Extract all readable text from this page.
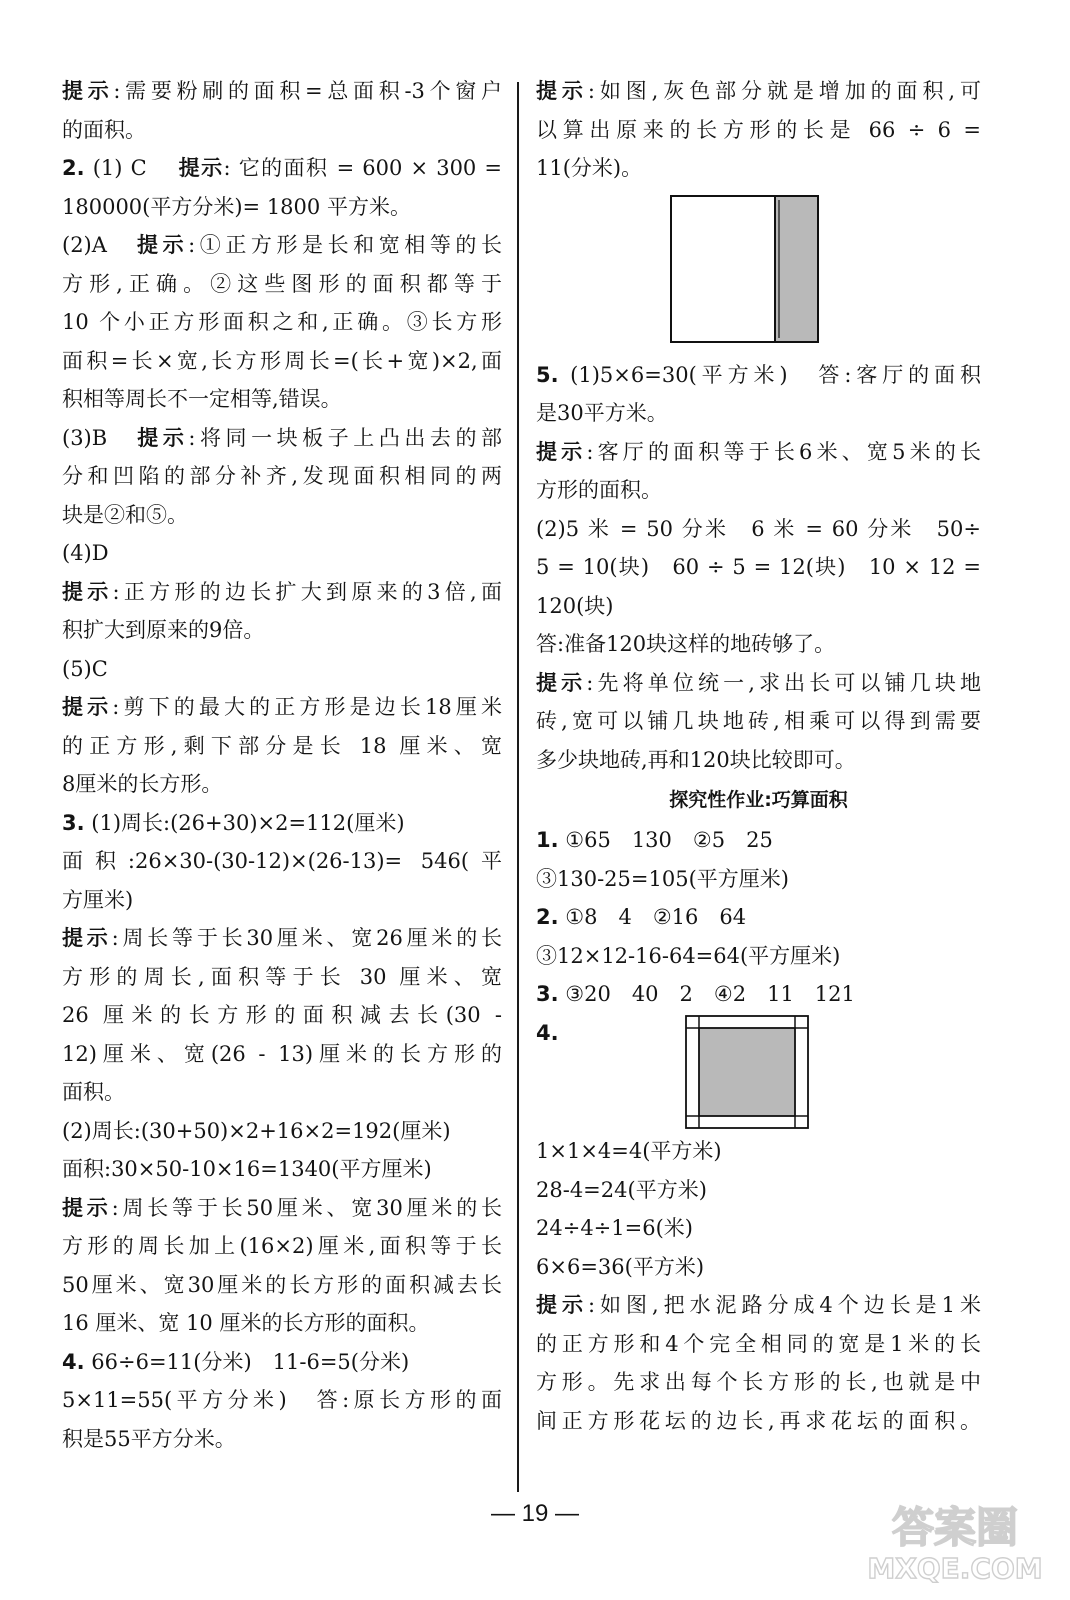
提示:需要粉刷的面积=总面积-3个窗户
的面积。
2. (1) C　 提示: 它的面积 = 600 × 300 =
180000(平方分米)= 1800 平方米。
(2)A　提示:①正方形是长和宽相等的长
方形,正确。②这些图形的面积都等于
10 个小正方形面积之和,正确。③长方形
面积=长×宽,长方形周长=(长+宽)×2,面
积相等周长不一定相等,错误。
(3)B　提示:将同一块板子上凸出去的部
分和凹陷的部分补齐,发现面积相同的两
块是②和⑤。
(4)D
提示:正方形的边长扩大到原来的3倍,面
积扩大到原来的9倍。
(5)C
提示:剪下的最大的正方形是边长18厘米
的正方形,剩下部分是长 18 厘米、宽
8厘米的长方形。
3. (1)周长:(26+30)×2=112(厘米)
面积:26×30-(30-12)×(26-13)= 546(平
方厘米)
提示:周长等于长30厘米、宽26厘米的长
方形的周长,面积等于长 30 厘米、宽
26 厘米的长方形的面积减去长(30 -
12)厘米、宽(26 - 13)厘米的长方形的
面积。
(2)周长:(30+50)×2+16×2=192(厘米)
面积:30×50-10×16=1340(平方厘米)
提示:周长等于长50厘米、宽30厘米的长
方形的周长加上(16×2)厘米,面积等于长
50厘米、宽30厘米的长方形的面积减去长
16 厘米、宽 10 厘米的长方形的面积。
4. 66÷6=11(分米)　11-6=5(分米)
5×11=55(平方分米)　答:原长方形的面
积是55平方分米。
提示:如图,灰色部分就是增加的面积,可
以算出原来的长方形的长是 66 ÷ 6 =
11(分米)。
5. (1)5×6=30(平方米)　答:客厅的面积
是30平方米。
提示:客厅的面积等于长6米、宽5米的长
方形的面积。
(2)5 米 = 50 分米　6 米 = 60 分米　50÷
5 = 10(块)　60 ÷ 5 = 12(块)　10 × 12 =
120(块)
答:准备120块这样的地砖够了。
提示:先将单位统一,求出长可以铺几块地
砖,宽可以铺几块地砖,相乘可以得到需要
多少块地砖,再和120块比较即可。
探究性作业:巧算面积
1. ①65　130　②5　25
③130-25=105(平方厘米)
2. ①8　4　②16　64
③12×12-16-64=64(平方厘米)
3. ③20　40　2　④2　11　121
4.
1×1×4=4(平方米)
28-4=24(平方米)
24÷4÷1=6(米)
6×6=36(平方米)
提示:如图,把水泥路分成4个边长是1米
的正方形和4个完全相同的宽是1米的长
方形。先求出每个长方形的长,也就是中
间正方形花坛的边长,再求花坛的面积。
— 19 —	答案圈
MXQE.COM
